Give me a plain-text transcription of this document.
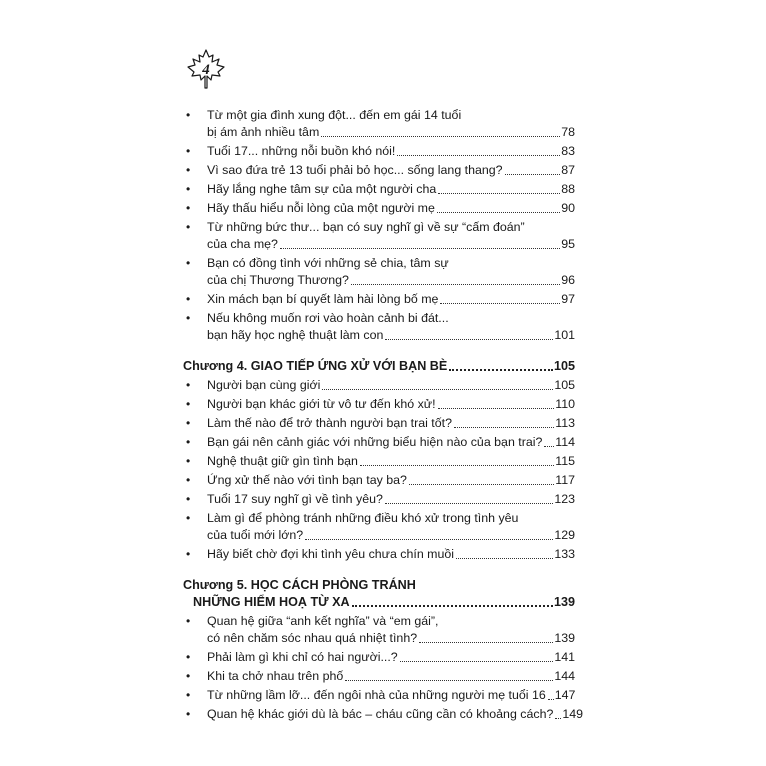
4
• Từ một gia đình xung đột... đến em gái 14 tuổi
bị ám ảnh nhiều tâm	78
• Tuổi 17... những nỗi buồn khó nói!	83
• Vì sao đứa trẻ 13 tuổi phải bỏ học... sống lang thang?	87
• Hãy lắng nghe tâm sự của một người cha	88
• Hãy thấu hiểu nỗi lòng của một người mẹ	90
• Từ những bức thư... bạn có suy nghĩ gì về sự “cấm đoán”
của cha mẹ?	95
• Bạn có đồng tình với những sẻ chia, tâm sự
của chị Thương Thương?	96
• Xin mách bạn bí quyết làm hài lòng bố mẹ	97
• Nếu không muốn rơi vào hoàn cảnh bi đát...
bạn hãy học nghệ thuật làm con	101
Chương 4. GIAO TIẾP ỨNG XỬ VỚI BẠN BÈ	105
• Người bạn cùng giới	105
• Người bạn khác giới từ vô tư đến khó xử!	110
• Làm thế nào để trở thành người bạn trai tốt?	113
• Bạn gái nên cảnh giác với những biểu hiện nào của bạn trai? 114
• Nghệ thuật giữ gìn tình bạn	115
• Ứng xử thế nào với tình bạn tay ba?	117
• Tuổi 17 suy nghĩ gì về tình yêu?	123
• Làm gì để phòng tránh những điều khó xử trong tình yêu
của tuổi mới lớn?	129
• Hãy biết chờ đợi khi tình yêu chưa chín muồi	133
Chương 5. HỌC CÁCH PHÒNG TRÁNH
NHỮNG HIỂM HOẠ TỪ XA	139
• Quan hệ giữa “anh kết nghĩa” và “em gái”,
có nên chăm sóc nhau quá nhiệt tình?	139
• Phải làm gì khi chỉ có hai người...?	141
• Khi ta chở nhau trên phố	144
• Từ những lầm lỡ... đến ngôi nhà của những người mẹ tuổi 16 147
• Quan hệ khác giới dù là bác – cháu cũng cần có khoảng cách? 149
